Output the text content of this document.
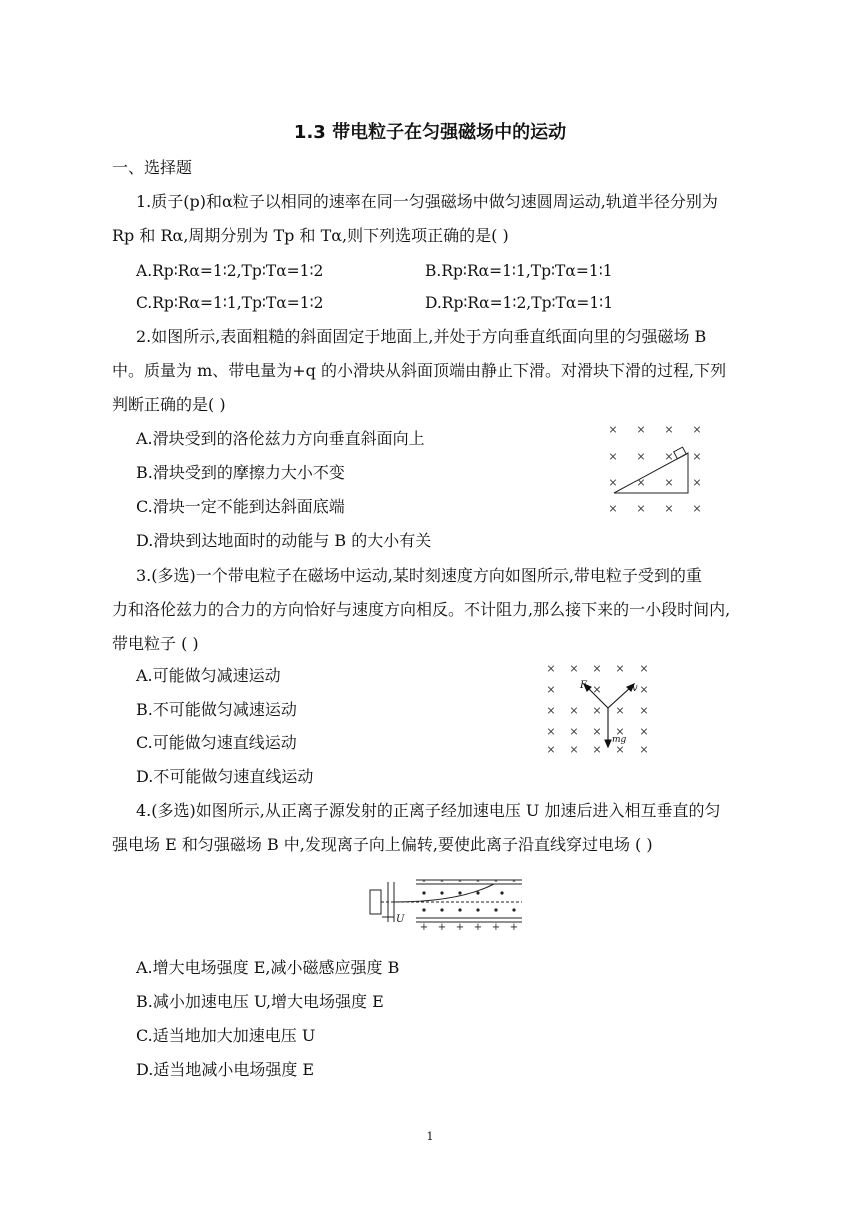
1.3 带电粒子在匀强磁场中的运动
一、选择题
1.质子(p)和α粒子以相同的速率在同一匀强磁场中做匀速圆周运动,轨道半径分别为
Rp 和 Rα,周期分别为 Tp 和 Tα,则下列选项正确的是( )
A.Rp∶Rα=1∶2,Tp∶Tα=1∶2	B.Rp∶Rα=1∶1,Tp∶Tα=1∶1
C.Rp∶Rα=1∶1,Tp∶Tα=1∶2	D.Rp∶Rα=1∶2,Tp∶Tα=1∶1
2.如图所示,表面粗糙的斜面固定于地面上,并处于方向垂直纸面向里的匀强磁场 B
中。质量为 m、带电量为+q 的小滑块从斜面顶端由静止下滑。对滑块下滑的过程,下列
判断正确的是( )
A.滑块受到的洛伦兹力方向垂直斜面向上
B.滑块受到的摩擦力大小不变
C.滑块一定不能到达斜面底端
D.滑块到达地面时的动能与 B 的大小有关
× × × ×
× × × ×
× × × ×
× × × ×
3.(多选)一个带电粒子在磁场中运动,某时刻速度方向如图所示,带电粒子受到的重
力和洛伦兹力的合力的方向恰好与速度方向相反。不计阻力,那么接下来的一小段时间内,
带电粒子 ( )
A.可能做匀减速运动
B.不可能做匀减速运动
C.可能做匀速直线运动
D.不可能做匀速直线运动
× × × × ×
×	×	×
× × × × ×
× × × × ×
× × × × ×
F	v
mg
4.(多选)如图所示,从正离子源发射的正离子经加速电压 U 加速后进入相互垂直的匀
强电场 E 和匀强磁场 B 中,发现离子向上偏转,要使此离子沿直线穿过电场 ( )
- - - - - -
+ + + + + +
U
A.增大电场强度 E,减小磁感应强度 B
B.减小加速电压 U,增大电场强度 E
C.适当地加大加速电压 U
D.适当地减小电场强度 E
1
